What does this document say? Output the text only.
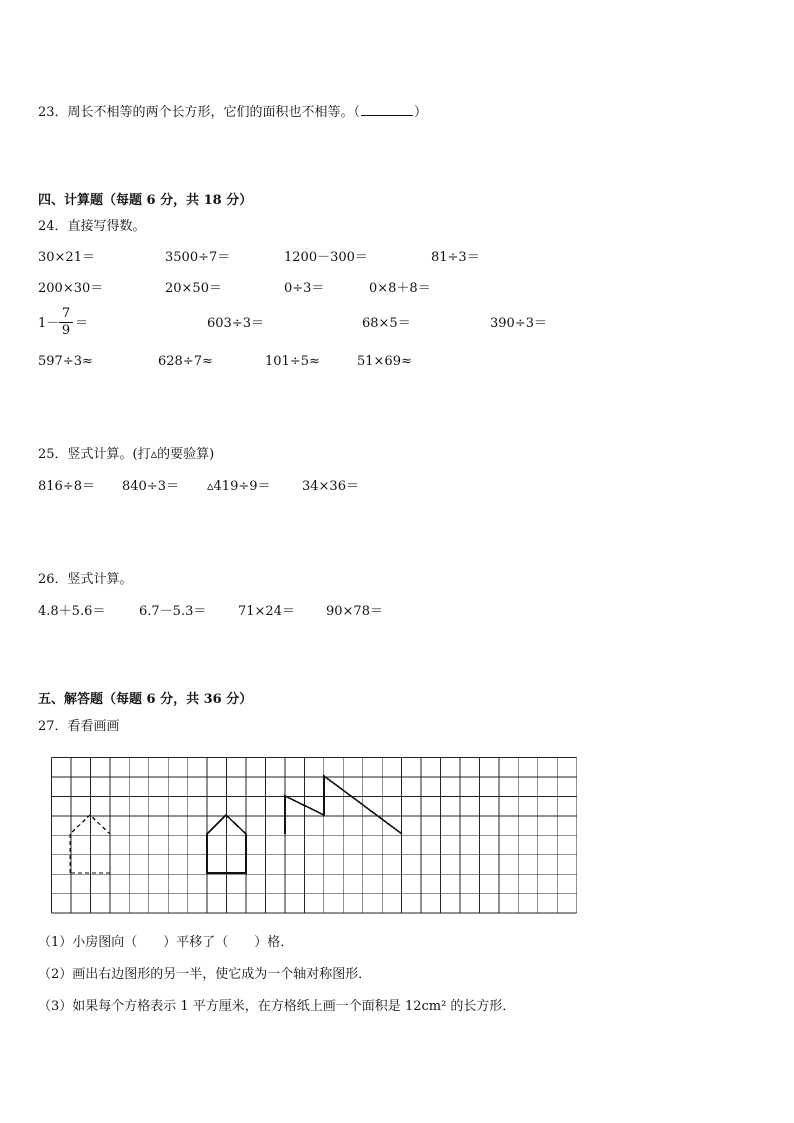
23．周长不相等的两个长方形，它们的面积也不相等。（	）
四、计算题（每题 6 分，共 18 分）
24．直接写得数。
30×21＝	3500÷7＝	1200－300＝	81÷3＝
200×30＝	20×50＝	0÷3＝	0×8＋8＝
1－
7
9 ＝	603÷3＝	68×5＝	390÷3＝
597÷3≈	628÷7≈	101÷5≈	51×69≈
25．竖式计算。(打▵的要验算)
816÷8＝ 840÷3＝ ▵419÷9＝ 34×36＝
26．竖式计算。
4.8＋5.6＝	6.7－5.3＝ 71×24＝ 90×78＝
五、解答题（每题 6 分，共 36 分）
27．看看画画
（1）小房图向（　　）平移了（　　）格．
（2）画出右边图形的另一半，使它成为一个轴对称图形．
（3）如果每个方格表示 1 平方厘米，在方格纸上画一个面积是 12cm² 的长方形．
